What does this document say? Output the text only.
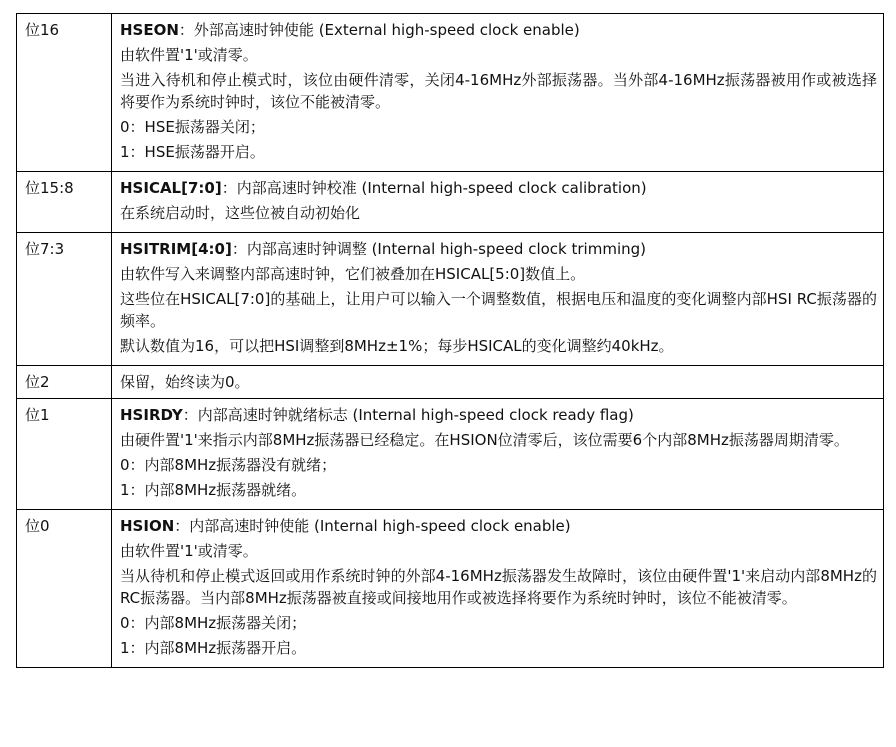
位16	HSEON：外部高速时钟使能 (External high-speed clock enable)
由软件置'1'或清零。
当进入待机和停止模式时，该位由硬件清零，关闭4-16MHz外部振荡器。当外部4-16MHz振荡器被用作或被选择将要作为系统时钟时，该位不能被清零。
0：HSE振荡器关闭；
1：HSE振荡器开启。

位15:8	HSICAL[7:0]：内部高速时钟校准 (Internal high-speed clock calibration)
在系统启动时，这些位被自动初始化

位7:3	HSITRIM[4:0]：内部高速时钟调整 (Internal high-speed clock trimming)
由软件写入来调整内部高速时钟，它们被叠加在HSICAL[5:0]数值上。
这些位在HSICAL[7:0]的基础上，让用户可以输入一个调整数值，根据电压和温度的变化调整内部HSI RC振荡器的频率。
默认数值为16，可以把HSI调整到8MHz±1%；每步HSICAL的变化调整约40kHz。

位2	保留，始终读为0。

位1	HSIRDY：内部高速时钟就绪标志 (Internal high-speed clock ready flag)
由硬件置'1'来指示内部8MHz振荡器已经稳定。在HSION位清零后，该位需要6个内部8MHz振荡器周期清零。
0：内部8MHz振荡器没有就绪；
1：内部8MHz振荡器就绪。

位0	HSION：内部高速时钟使能 (Internal high-speed clock enable)
由软件置'1'或清零。
当从待机和停止模式返回或用作系统时钟的外部4-16MHz振荡器发生故障时，该位由硬件置'1'来启动内部8MHz的RC振荡器。当内部8MHz振荡器被直接或间接地用作或被选择将要作为系统时钟时，该位不能被清零。
0：内部8MHz振荡器关闭；
1：内部8MHz振荡器开启。
